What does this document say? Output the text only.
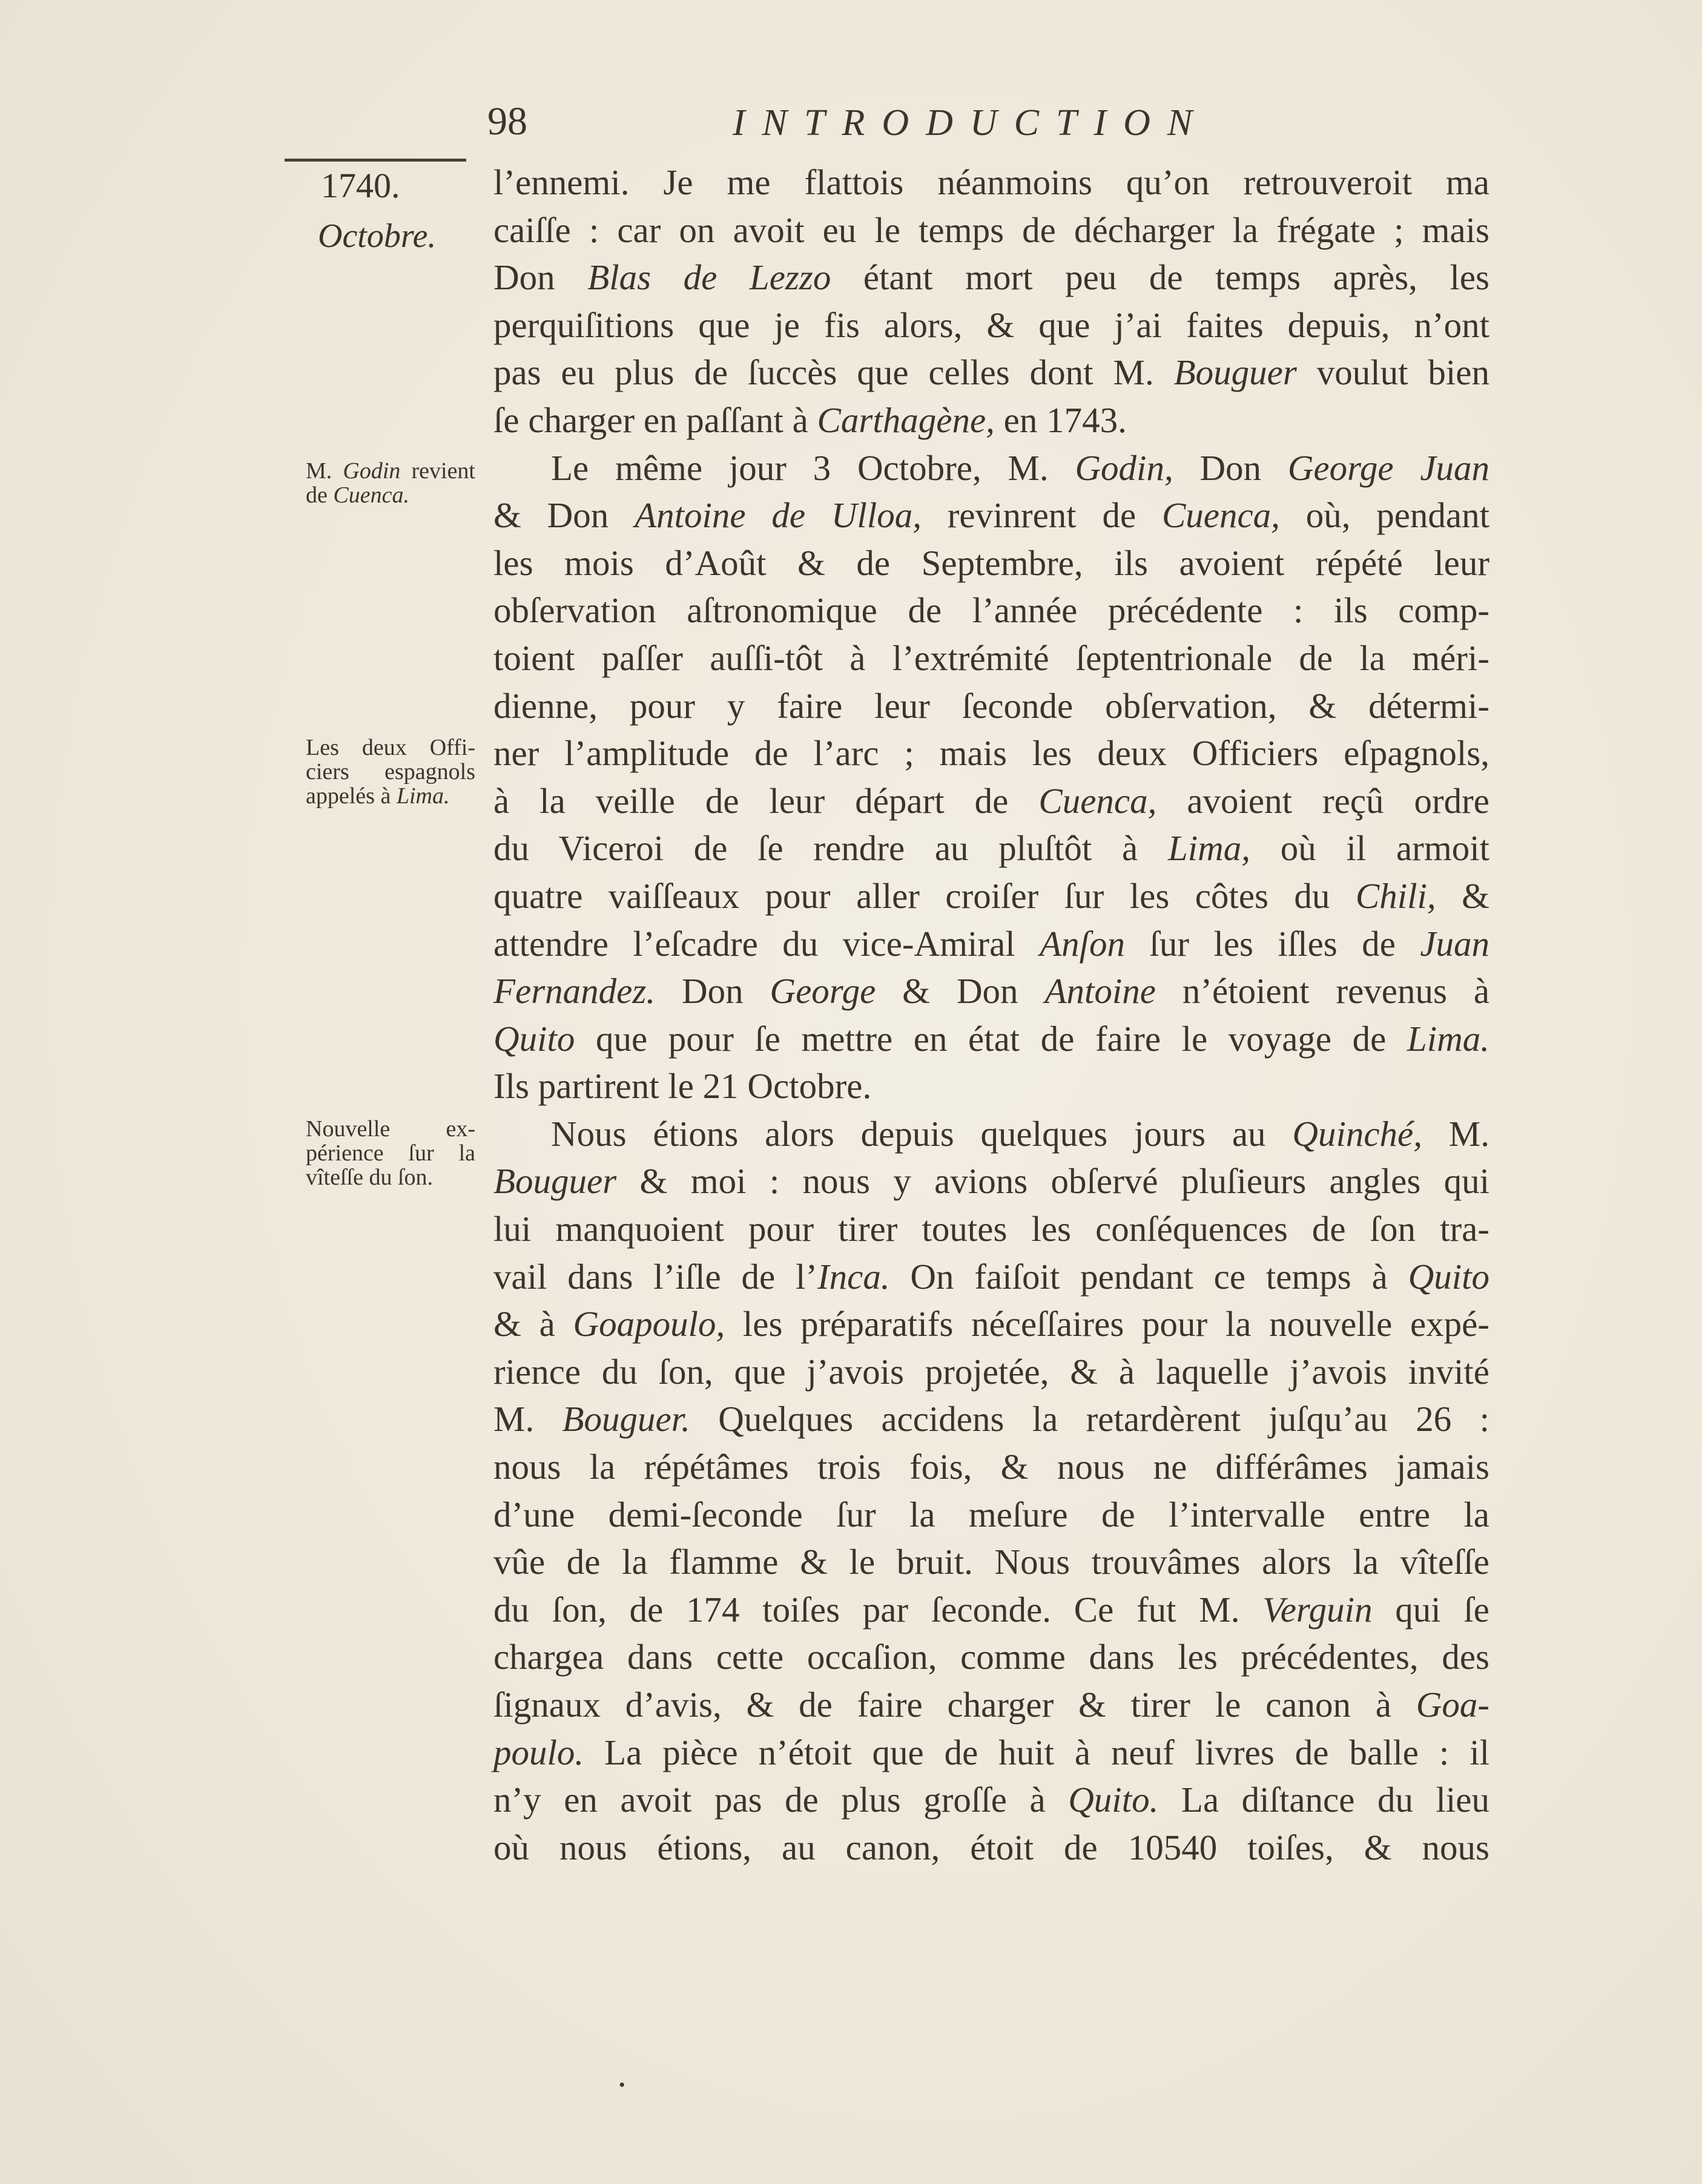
98	INTRODUCTION
1740.
Octobre.
M. Godin revient de Cuenca.
Les deux Offi-ciers espagnols appelés à Lima.
Nouvelle ex-périence ſur la vîteſſe du ſon.
l’ennemi. Je me flattois néanmoins qu’on retrouveroit ma
caiſſe : car on avoit eu le temps de décharger la frégate ; mais
Don Blas de Lezzo étant mort peu de temps après, les
perquiſitions que je fis alors, & que j’ai faites depuis, n’ont
pas eu plus de ſuccès que celles dont M. Bouguer voulut bien
ſe charger en paſſant à Carthagène, en 1743.
Le même jour 3 Octobre, M. Godin, Don George Juan
& Don Antoine de Ulloa, revinrent de Cuenca, où, pendant
les mois d’Août & de Septembre, ils avoient répété leur
obſervation aſtronomique de l’année précédente : ils comp-
toient paſſer auſſi-tôt à l’extrémité ſeptentrionale de la méri-
dienne, pour y faire leur ſeconde obſervation, & détermi-
ner l’amplitude de l’arc ; mais les deux Officiers eſpagnols,
à la veille de leur départ de Cuenca, avoient reçû ordre
du Viceroi de ſe rendre au pluſtôt à Lima, où il armoit
quatre vaiſſeaux pour aller croiſer ſur les côtes du Chili, &
attendre l’eſcadre du vice-Amiral Anſon ſur les iſles de Juan
Fernandez. Don George & Don Antoine n’étoient revenus à
Quito que pour ſe mettre en état de faire le voyage de Lima.
Ils partirent le 21 Octobre.
Nous étions alors depuis quelques jours au Quinché, M.
Bouguer & moi : nous y avions obſervé pluſieurs angles qui
lui manquoient pour tirer toutes les conſéquences de ſon tra-
vail dans l’iſle de l’Inca. On faiſoit pendant ce temps à Quito
& à Goapoulo, les préparatifs néceſſaires pour la nouvelle expé-
rience du ſon, que j’avois projetée, & à laquelle j’avois invité
M. Bouguer. Quelques accidens la retardèrent juſqu’au 26 :
nous la répétâmes trois fois, & nous ne différâmes jamais
d’une demi-ſeconde ſur la meſure de l’intervalle entre la
vûe de la flamme & le bruit. Nous trouvâmes alors la vîteſſe
du ſon, de 174 toiſes par ſeconde. Ce fut M. Verguin qui ſe
chargea dans cette occaſion, comme dans les précédentes, des
ſignaux d’avis, & de faire charger & tirer le canon à Goa-
poulo. La pièce n’étoit que de huit à neuf livres de balle : il
n’y en avoit pas de plus groſſe à Quito. La diſtance du lieu
où nous étions, au canon, étoit de 10540 toiſes, & nous
•
